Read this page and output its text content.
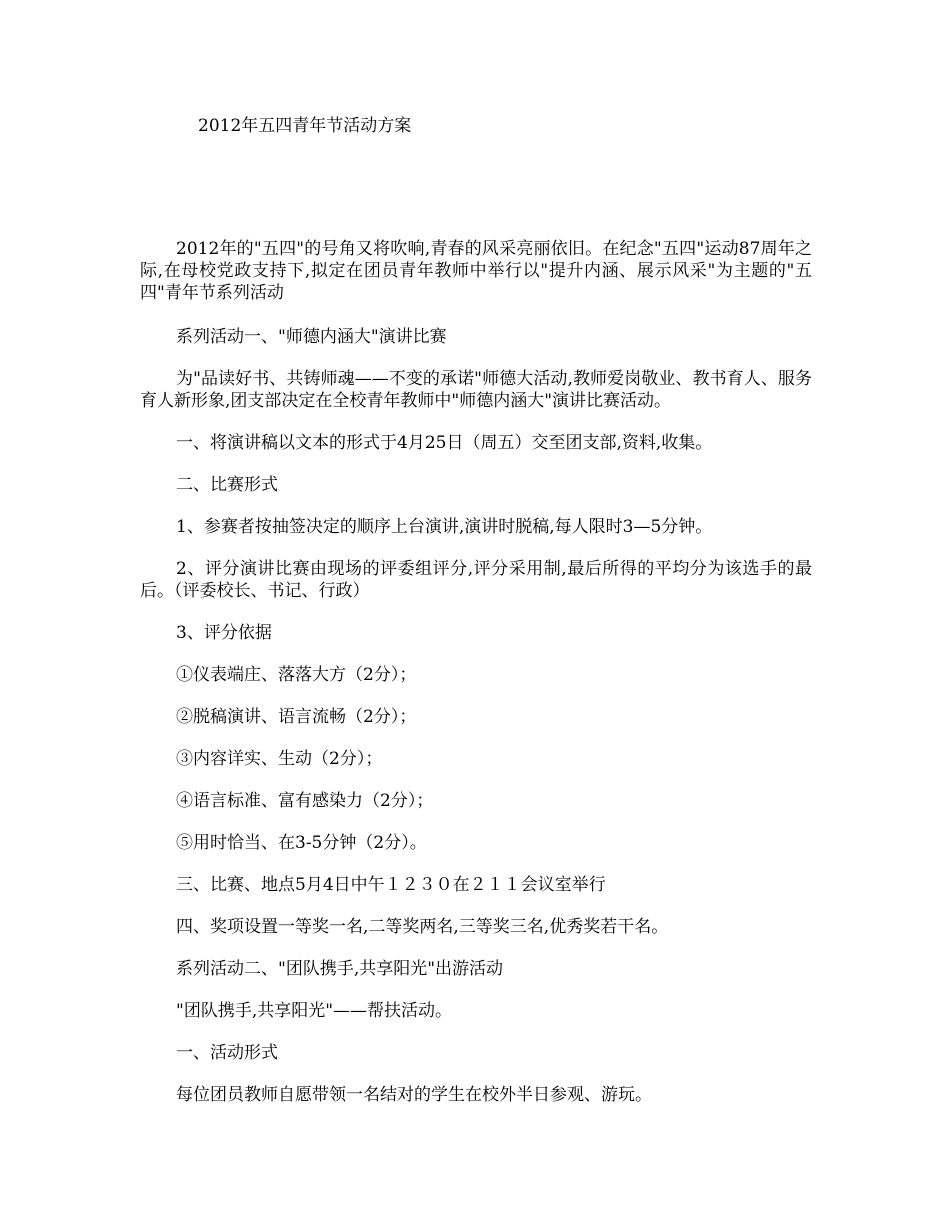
2012年五四青年节活动方案

2012年的"五四"的号角又将吹响,青春的风采亮丽依旧。在纪念"五四"运动87周年之际,在母校党政支持下,拟定在团员青年教师中举行以"提升内涵、展示风采"为主题的"五四"青年节系列活动

系列活动一、"师德内涵大"演讲比赛

为"品读好书、共铸师魂——不变的承诺"师德大活动,教师爱岗敬业、教书育人、服务育人新形象,团支部决定在全校青年教师中"师德内涵大"演讲比赛活动。

一、将演讲稿以文本的形式于4月25日（周五）交至团支部,资料,收集。

二、比赛形式

1、参赛者按抽签决定的顺序上台演讲,演讲时脱稿,每人限时3—5分钟。

2、评分演讲比赛由现场的评委组评分,评分采用制,最后所得的平均分为该选手的最后。（评委校长、书记、行政）

3、评分依据

①仪表端庄、落落大方（2分）；

②脱稿演讲、语言流畅（2分）；

③内容详实、生动（2分）；

④语言标准、富有感染力（2分）；

⑤用时恰当、在3-5分钟（2分）。

三、比赛、地点5月4日中午１２３０在２１１会议室举行

四、奖项设置一等奖一名,二等奖两名,三等奖三名,优秀奖若干名。

系列活动二、"团队携手,共享阳光"出游活动

"团队携手,共享阳光"——帮扶活动。

一、活动形式

每位团员教师自愿带领一名结对的学生在校外半日参观、游玩。
